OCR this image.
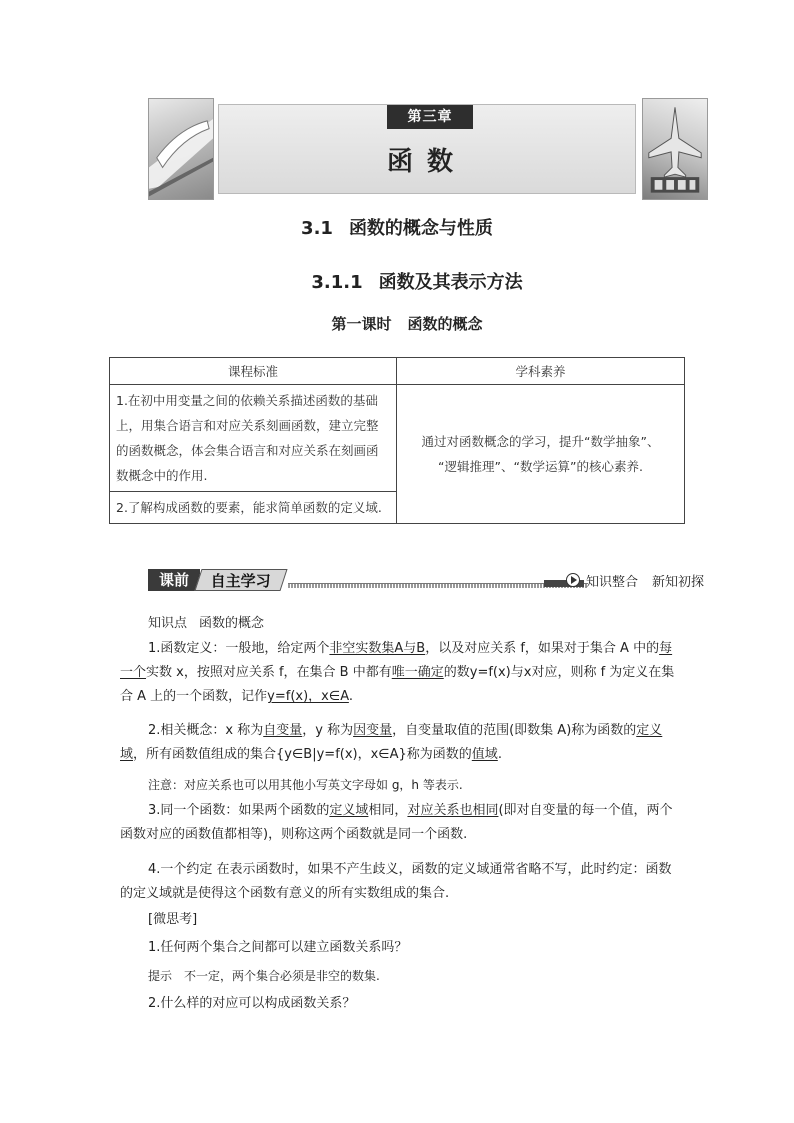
第三章
函数
3.1 函数的概念与性质
3.1.1 函数及其表示方法
第一课时 函数的概念
课程标准	学科素养
1.在初中用变量之间的依赖关系描述函数的基础上，用集合语言和对应关系刻画函数，建立完整的函数概念，体会集合语言和对应关系在刻画函数概念中的作用.	通过对函数概念的学习，提升“数学抽象”、
“逻辑推理”、“数学运算”的核心素养.

2.了解构成函数的要素，能求简单函数的定义域.	
课前	自主学习	知识整合 新知初探
知识点 函数的概念
1.函数定义：一般地，给定两个非空实数集A与B，以及对应关系 f，如果对于集合 A 中的每一个实数 x，按照对应关系 f，在集合 B 中都有唯一确定的数y=f(x)与x对应，则称 f 为定义在集合 A 上的一个函数，记作y=f(x)，x∈A.
2.相关概念：x 称为自变量，y 称为因变量，自变量取值的范围(即数集 A)称为函数的定义域，所有函数值组成的集合{y∈B|y=f(x)，x∈A}称为函数的值域.
注意：对应关系也可以用其他小写英文字母如 g，h 等表示.
3.同一个函数：如果两个函数的定义域相同，对应关系也相同(即对自变量的每一个值，两个函数对应的函数值都相等)，则称这两个函数就是同一个函数.
4.一个约定 在表示函数时，如果不产生歧义，函数的定义域通常省略不写，此时约定：函数的定义域就是使得这个函数有意义的所有实数组成的集合.
[微思考]
1.任何两个集合之间都可以建立函数关系吗？
提示　不一定，两个集合必须是非空的数集.
2.什么样的对应可以构成函数关系？
